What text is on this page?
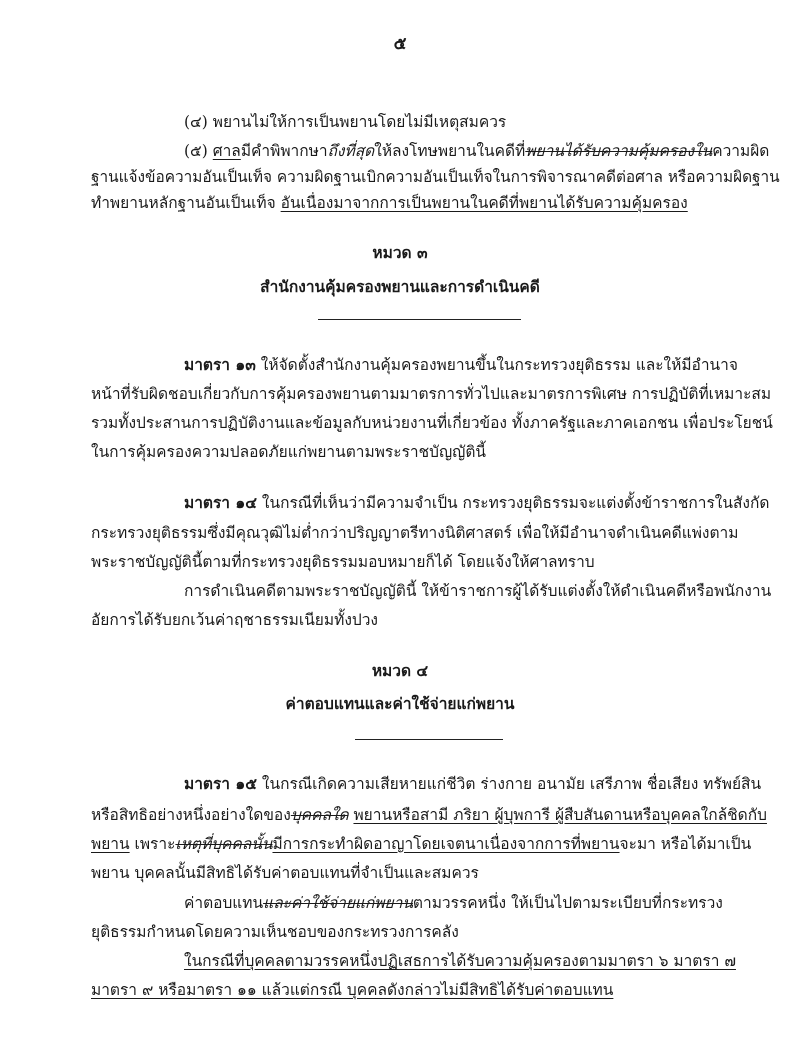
๕
(๔) พยานไม่ให้การเป็นพยานโดยไม่มีเหตุสมควร
(๕) ศาลมีคำพิพากษาถึงที่สุดให้ลงโทษพยานในคดีที่พยานได้รับความคุ้มครองในความผิด
ฐานแจ้งข้อความอันเป็นเท็จ ความผิดฐานเบิกความอันเป็นเท็จในการพิจารณาคดีต่อศาล หรือความผิดฐาน
ทำพยานหลักฐานอันเป็นเท็จ อันเนื่องมาจากการเป็นพยานในคดีที่พยานได้รับความคุ้มครอง
หมวด ๓
สำนักงานคุ้มครองพยานและการดำเนินคดี
มาตรา ๑๓ ให้จัดตั้งสำนักงานคุ้มครองพยานขึ้นในกระทรวงยุติธรรม และให้มีอำนาจ
หน้าที่รับผิดชอบเกี่ยวกับการคุ้มครองพยานตามมาตรการทั่วไปและมาตรการพิเศษ การปฏิบัติที่เหมาะสม
รวมทั้งประสานการปฏิบัติงานและข้อมูลกับหน่วยงานที่เกี่ยวข้อง ทั้งภาครัฐและภาคเอกชน เพื่อประโยชน์
ในการคุ้มครองความปลอดภัยแก่พยานตามพระราชบัญญัตินี้
มาตรา ๑๔ ในกรณีที่เห็นว่ามีความจำเป็น กระทรวงยุติธรรมจะแต่งตั้งข้าราชการในสังกัด
กระทรวงยุติธรรมซึ่งมีคุณวุฒิไม่ต่ำกว่าปริญญาตรีทางนิติศาสตร์ เพื่อให้มีอำนาจดำเนินคดีแพ่งตาม
พระราชบัญญัตินี้ตามที่กระทรวงยุติธรรมมอบหมายก็ได้ โดยแจ้งให้ศาลทราบ
การดำเนินคดีตามพระราชบัญญัตินี้ ให้ข้าราชการผู้ได้รับแต่งตั้งให้ดำเนินคดีหรือพนักงาน
อัยการได้รับยกเว้นค่าฤชาธรรมเนียมทั้งปวง
หมวด ๔
ค่าตอบแทนและค่าใช้จ่ายแก่พยาน
มาตรา ๑๕ ในกรณีเกิดความเสียหายแก่ชีวิต ร่างกาย อนามัย เสรีภาพ ชื่อเสียง ทรัพย์สิน
หรือสิทธิอย่างหนึ่งอย่างใดของบุคคลใด พยานหรือสามี ภริยา ผู้บุพการี ผู้สืบสันดานหรือบุคคลใกล้ชิดกับ
พยาน เพราะเหตุที่บุคคลนั้นมีการกระทำผิดอาญาโดยเจตนาเนื่องจากการที่พยานจะมา หรือได้มาเป็น
พยาน บุคคลนั้นมีสิทธิได้รับค่าตอบแทนที่จำเป็นและสมควร
ค่าตอบแทนและค่าใช้จ่ายแก่พยานตามวรรคหนึ่ง ให้เป็นไปตามระเบียบที่กระทรวง
ยุติธรรมกำหนดโดยความเห็นชอบของกระทรวงการคลัง
ในกรณีที่บุคคลตามวรรคหนึ่งปฏิเสธการได้รับความคุ้มครองตามมาตรา ๖ มาตรา ๗
มาตรา ๙ หรือมาตรา ๑๑ แล้วแต่กรณี บุคคลดังกล่าวไม่มีสิทธิได้รับค่าตอบแทน
